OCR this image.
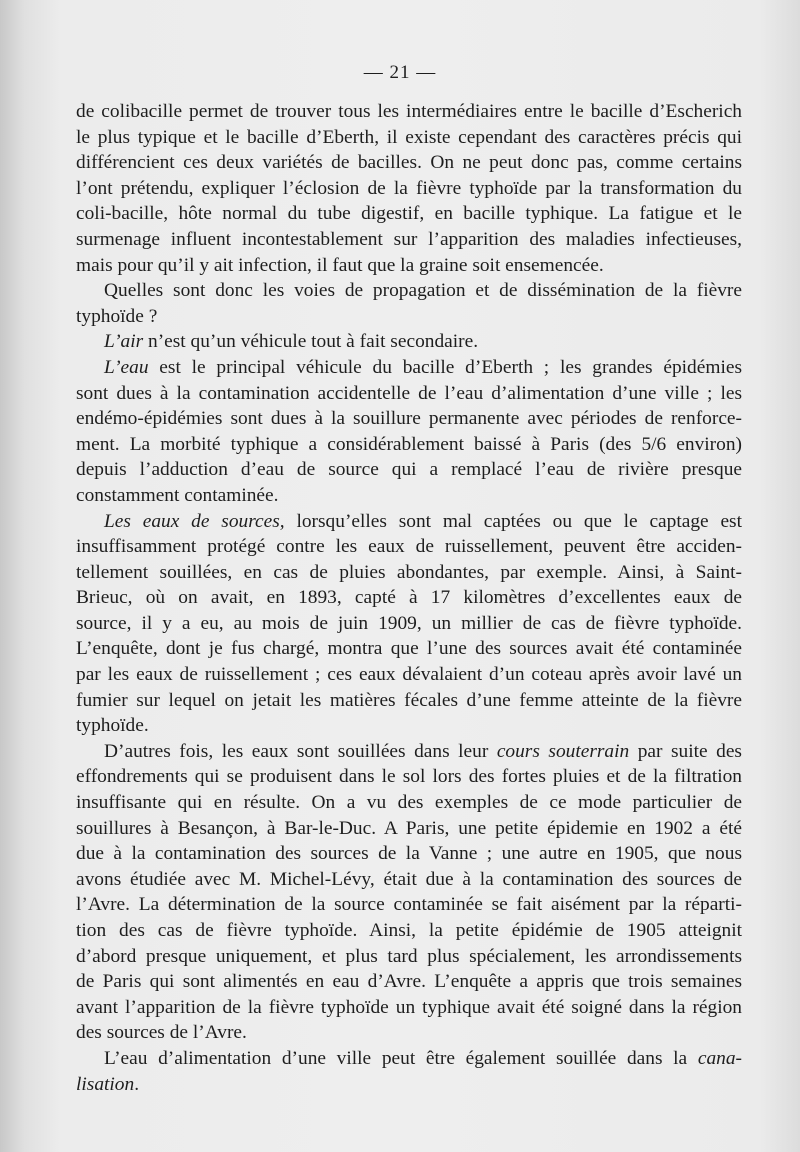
— 21 —
de colibacille permet de trouver tous les intermédiaires entre le bacille d’Escherich
le plus typique et le bacille d’Eberth, il existe cependant des caractères précis qui
différencient ces deux variétés de bacilles. On ne peut donc pas, comme certains
l’ont prétendu, expliquer l’éclosion de la fièvre typhoïde par la transformation du
coli-bacille, hôte normal du tube digestif, en bacille typhique. La fatigue et le
surmenage influent incontestablement sur l’apparition des maladies infectieuses,
mais pour qu’il y ait infection, il faut que la graine soit ensemencée.
Quelles sont donc les voies de propagation et de dissémination de la fièvre
typhoïde ?
L’air n’est qu’un véhicule tout à fait secondaire.
L’eau est le principal véhicule du bacille d’Eberth ; les grandes épidémies
sont dues à la contamination accidentelle de l’eau d’alimentation d’une ville ; les
endémo-épidémies sont dues à la souillure permanente avec périodes de renforce-
ment. La morbité typhique a considérablement baissé à Paris (des 5/6 environ)
depuis l’adduction d’eau de source qui a remplacé l’eau de rivière presque
constamment contaminée.
Les eaux de sources, lorsqu’elles sont mal captées ou que le captage est
insuffisamment protégé contre les eaux de ruissellement, peuvent être acciden-
tellement souillées, en cas de pluies abondantes, par exemple. Ainsi, à Saint-
Brieuc, où on avait, en 1893, capté à 17 kilomètres d’excellentes eaux de
source, il y a eu, au mois de juin 1909, un millier de cas de fièvre typhoïde.
L’enquête, dont je fus chargé, montra que l’une des sources avait été contaminée
par les eaux de ruissellement ; ces eaux dévalaient d’un coteau après avoir lavé un
fumier sur lequel on jetait les matières fécales d’une femme atteinte de la fièvre
typhoïde.
D’autres fois, les eaux sont souillées dans leur cours souterrain par suite des
effondrements qui se produisent dans le sol lors des fortes pluies et de la filtration
insuffisante qui en résulte. On a vu des exemples de ce mode particulier de
souillures à Besançon, à Bar-le-Duc. A Paris, une petite épidemie en 1902 a été
due à la contamination des sources de la Vanne ; une autre en 1905, que nous
avons étudiée avec M. Michel-Lévy, était due à la contamination des sources de
l’Avre. La détermination de la source contaminée se fait aisément par la réparti-
tion des cas de fièvre typhoïde. Ainsi, la petite épidémie de 1905 atteignit
d’abord presque uniquement, et plus tard plus spécialement, les arrondissements
de Paris qui sont alimentés en eau d’Avre. L’enquête a appris que trois semaines
avant l’apparition de la fièvre typhoïde un typhique avait été soigné dans la région
des sources de l’Avre.
L’eau d’alimentation d’une ville peut être également souillée dans la cana-
lisation.
